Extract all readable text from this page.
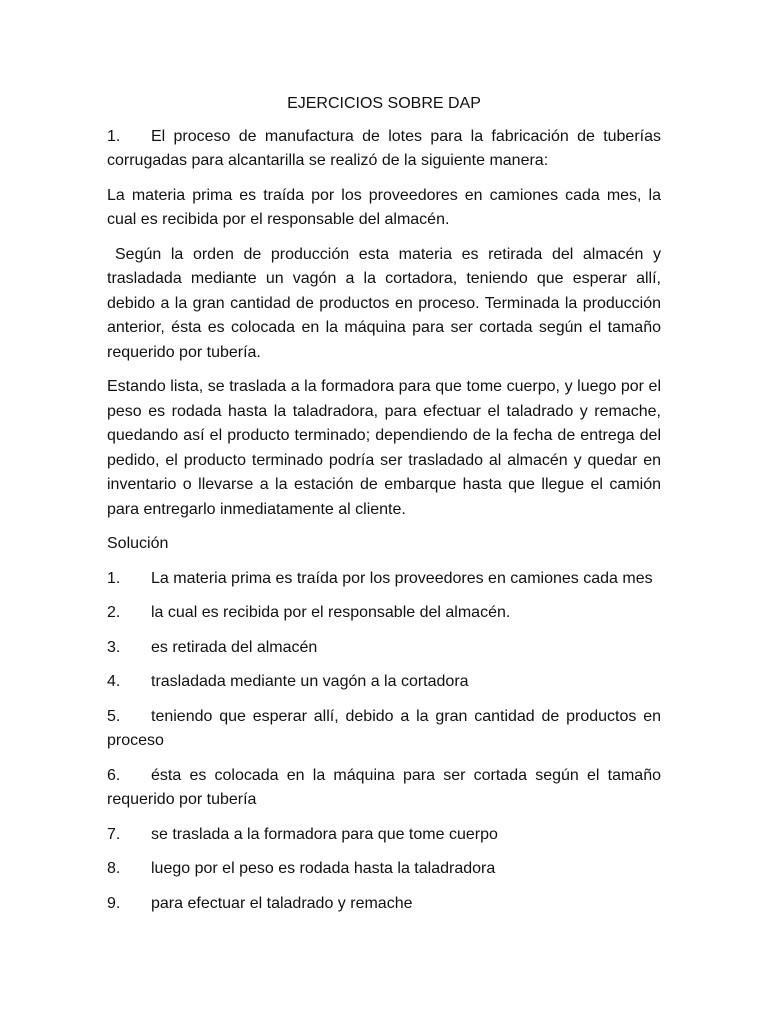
EJERCICIOS SOBRE DAP

1. El proceso de manufactura de lotes para la fabricación de tuberías corrugadas para alcantarilla se realizó de la siguiente manera:

La materia prima es traída por los proveedores en camiones cada mes, la cual es recibida por el responsable del almacén.

Según la orden de producción esta materia es retirada del almacén y trasladada mediante un vagón a la cortadora, teniendo que esperar allí, debido a la gran cantidad de productos en proceso. Terminada la producción anterior, ésta es colocada en la máquina para ser cortada según el tamaño requerido por tubería.

Estando lista, se traslada a la formadora para que tome cuerpo, y luego por el peso es rodada hasta la taladradora, para efectuar el taladrado y remache, quedando así el producto terminado; dependiendo de la fecha de entrega del pedido, el producto terminado podría ser trasladado al almacén y quedar en inventario o llevarse a la estación de embarque hasta que llegue el camión para entregarlo inmediatamente al cliente.

Solución

1. La materia prima es traída por los proveedores en camiones cada mes

2. la cual es recibida por el responsable del almacén.

3. es retirada del almacén

4. trasladada mediante un vagón a la cortadora

5. teniendo que esperar allí, debido a la gran cantidad de productos en proceso

6. ésta es colocada en la máquina para ser cortada según el tamaño requerido por tubería

7. se traslada a la formadora para que tome cuerpo

8. luego por el peso es rodada hasta la taladradora

9. para efectuar el taladrado y remache
